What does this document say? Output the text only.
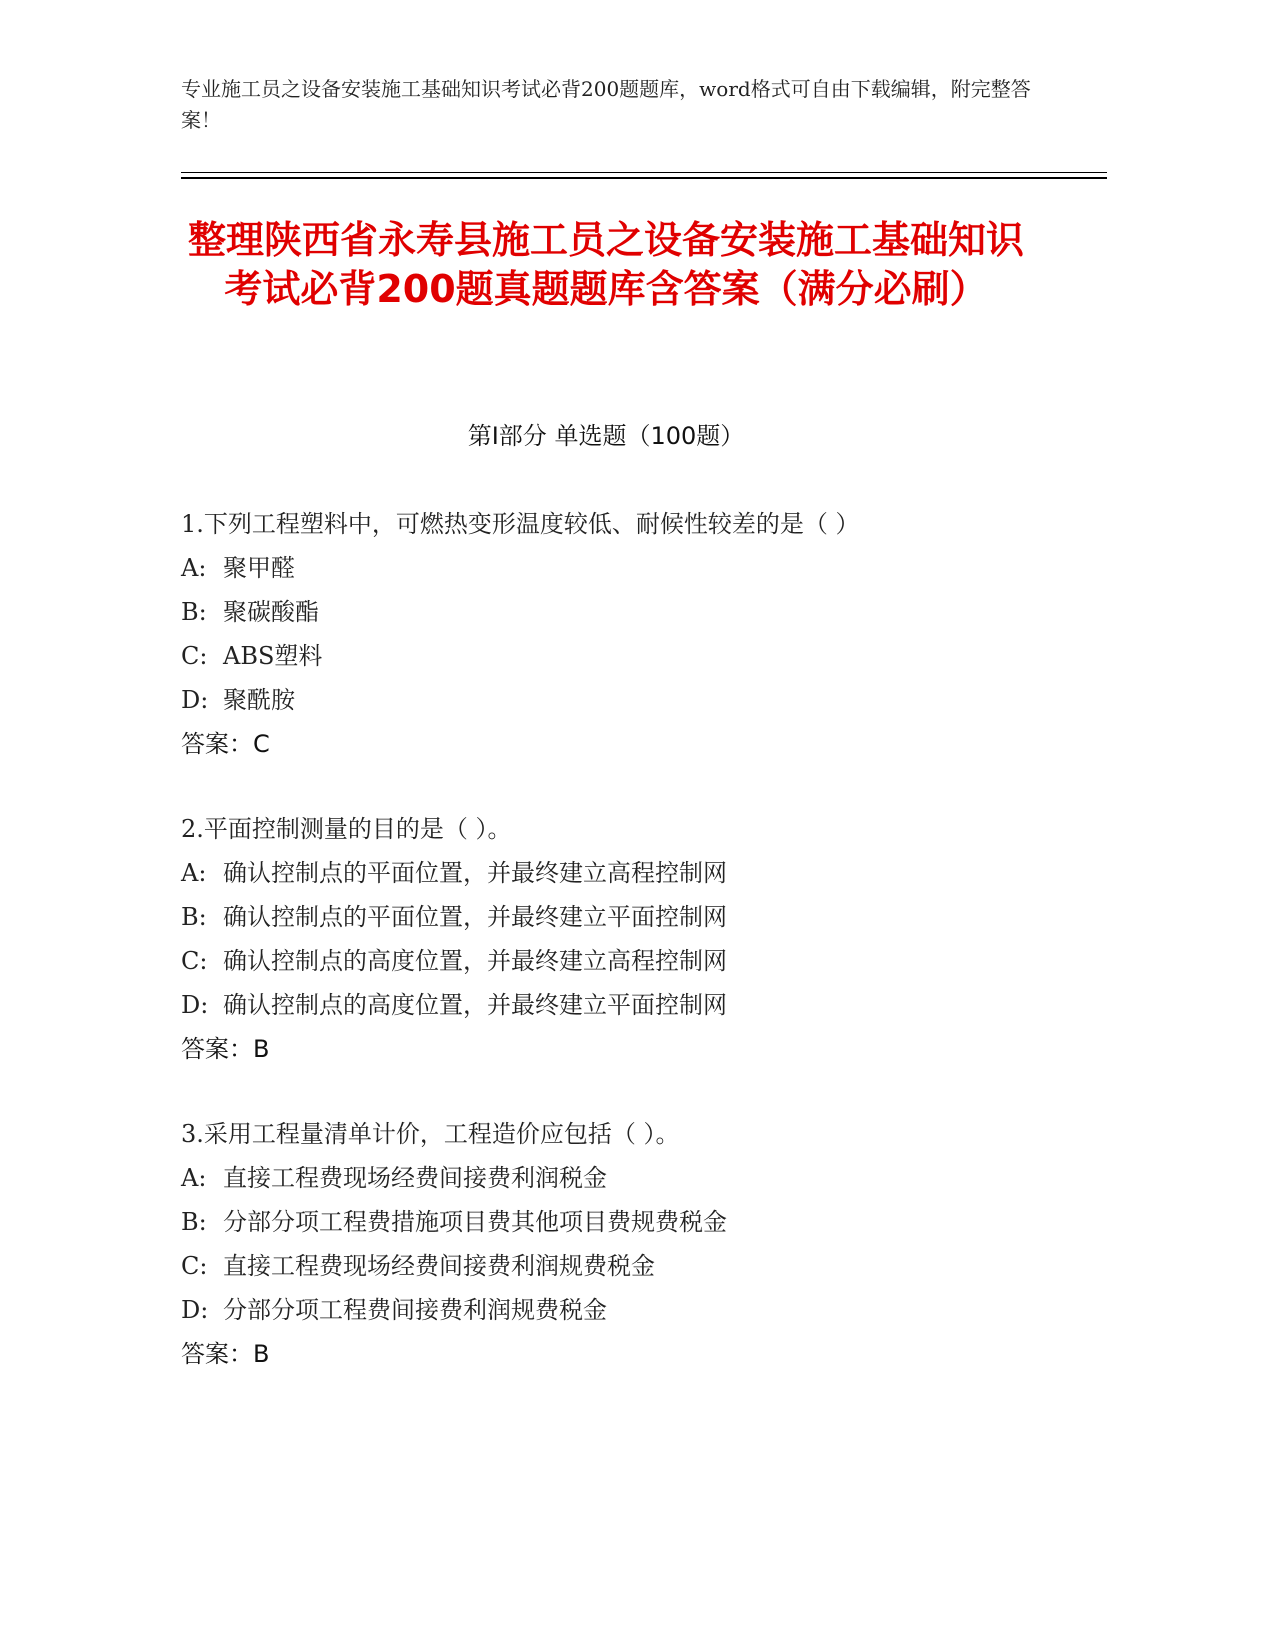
专业施工员之设备安装施工基础知识考试必背200题题库，word格式可自由下载编辑，附完整答案！
整理陕西省永寿县施工员之设备安装施工基础知识考试必背200题真题题库含答案（满分必刷）
第I部分 单选题（100题）
1.下列工程塑料中，可燃热变形温度较低、耐候性较差的是（ ）
A: 聚甲醛
B: 聚碳酸酯
C: ABS塑料
D: 聚酰胺
答案：C
2.平面控制测量的目的是（ ）。
A: 确认控制点的平面位置，并最终建立高程控制网
B: 确认控制点的平面位置，并最终建立平面控制网
C: 确认控制点的高度位置，并最终建立高程控制网
D: 确认控制点的高度位置，并最终建立平面控制网
答案：B
3.采用工程量清单计价，工程造价应包括（ ）。
A: 直接工程费现场经费间接费利润税金
B: 分部分项工程费措施项目费其他项目费规费税金
C: 直接工程费现场经费间接费利润规费税金
D: 分部分项工程费间接费利润规费税金
答案：B
